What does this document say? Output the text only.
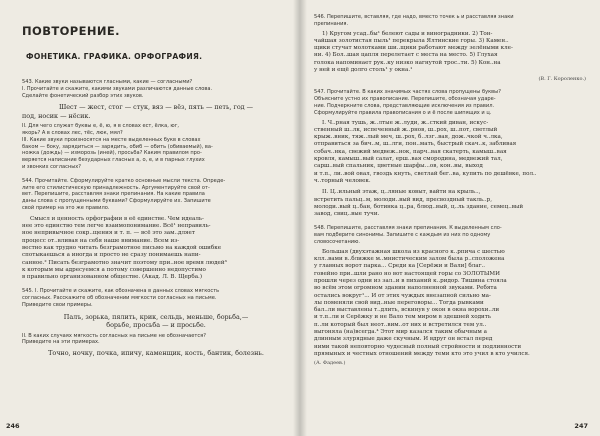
ПОВТОРЕНИЕ.
ФОНЕТИКА. ГРАФИКА. ОРФОГРАФИЯ.

543. Какие звуки называются гласными, какие — согласными?

I. Прочитайте и скажите, какими звуками различаются данные слова.

Сделайте фонетический разбор этих звуков.

Шест — жест, стог — стук, вяз — вёз, пять — петь, год —

под, носик — нёсик.

II. Для чего служат буквы е, ё, ю, я в словах ест, ёлка, юг,

якорь? А в словах лес, тёс, люк, мял?

III. Какие звуки произносятся на месте выделенных букв в словах

баком — боку, зарядиться — зарядить, обиб — обить (обиваемый), ва-

ножка (дождь) — изморозь (иней), просьба? Каким правилом про-

веряется написание безударных гласных а, о, е, и в парных глухих

и звонких согласных?

544. Прочитайте. Сформулируйте кратко основные мысли текста. Опреде-

лите его стилистическую принадлежность. Аргументируйте свой от-

вет. Перепишите, расставляя знаки препинания. На какие правила

даны слова с пропущенными буквами? Сформулируйте их. Запишите

свой пример на это же правило.

Смысл и ценность орфографии в её единстве. Чем идеаль-

нее это единство тем легче взаимопонимание. Всё¹ неправиль-

ное непривычное сокр..щения и т. п. — всё это зам..дляет

процесс от..вливая на себя наше внимание. Всем из-

вестно как трудно читать безграмотное письмо на каждой ошибке

спотыкаешься а иногда и просто не сразу понимаешь напи-

санное.² Писать безграмотно значит поэтому при..ное время людей³

к которым мы адресуемся а потому совершенно недопустимо

в правильно организованном обществе. (Акад. Л. В. Щерба.)

545. I. Прочитайте и скажите, как обозначена в данных словах мягкость

согласных. Расскажите об обозначении мягкости согласных на письме.

Приведите свои примеры.

Палъ, зорька, пялить, крик, сельдь, меньше, борьба,—

борьбе, просьба — и просьбе.

II. В каких случаях мягкость согласных на письме не обозначается?

Приведите на эти примерах.

Точно, ночку, почка, ипичу, каменщик, кость, бантик, болезнь.

246

546. Перепишите, вставляя, где надо, вместо точек ь и расставляя знаки

препинания.

1) Кругом усад..бы¹ белеют сады и виноградники. 2) Тон-

чайшая золотистая пыль¹ перекрыла Ялтинские горы. 3) Камен..

щики стучат молотками ши..щики работают между зелёными кле-

ни. 4) Бол..шая цапля перелетает с места на место. 5) Глухая

голока напоминает рук..ку низко нагнутой трос..ти. 5) Кон..на

у ней и ещё долго столь¹ у окна.¹

(В. Г. Короленко.)

547. Прочитайте. В каких значимых частях слова пропущены буквы?

Объясните устно их правописание. Перепишите, обозначая ударе-

ние. Подчеркните слова, представляющие исключения из правил.

Сформулируйте правила правописания о и ё после шипящих и ц.

I. Ч..рная тушь, ж..лтые ж..луди, ж..сткий диван, искус-

ственный ш..лк, испеченный ж..рнов, ш..рох, ш..пот, светлый

крыж..вник, тяж..лый меч, ш..рох, б..лзг..вая, дож..чкой ч..лка,

отправиться за бич..м, ш..лги, пон..мать, быстрый скач..к, забливая

собач..нка, свежий медвеж..нок, парч..вая скатерть, камыш..вая

кровля, камыш..вый салат, ерш..вая смородина, медвежий тал,

сарш..вый спальник, цветные шарфы...ов, кон..вы, выход

и т.п., ли..вой овал, гвоздь кнуть, светлай бег..ва, купить по дешёвке, пол..

ч..торный человек.

II. Ц..ильный этаж, ц..ляные ковыт, вайти на крыль..,

встретить пальц..м, молоди..вый вид, пресвоздный такль..р,

молоди..вый ц..бан, ботинка ц..ра, блюд..вый, ц..ль здание, семец..вый

завод, свиц..вые тучи.

548. Перепишите, расставляя знаки препинания. К выделенным сло-

вам подберите синонимы. Запишите с каждым из них по одному

словосочетанию.

Большая (двухэтажная школа из красного к..рпича с шестью

клл..вами в..ближке м..мнистическим залом была р..сположена

у главных ворот парка... Среди ка [Серёжи и Вали] благ..

говейно при..шли рано но вот настоящей горы со ЗОЛОТЫМИ

прошли через одни из зал..и в пиханий к..ридор. Тишина стояла

во всём этом огромном здании наполненной звуками. Ребята

остались вокруг¹... И от этих чуждых внезапной сильно ма-

лы поменяли свой вид..ные переговоры... Тогда рывками

бал..ли выставлены т..длить, вскинув у окон в окна ворохи..ли

и т.п..ли и Серёжку и не Вало тем миром в здешней ходить

п..ли который был неот..вим..от них и встретился тем ул..

выгоняла (на)всегда.⁴ Этот мир казался таким обычным а

длинным злурядные даже скучным. И вдруг он встал перед

ними такой неповторно чудесный полный стройности и подлинности

прямыных и честных отношений между теми кто это учил в кто учился.

(А. Фадеев.)

247
